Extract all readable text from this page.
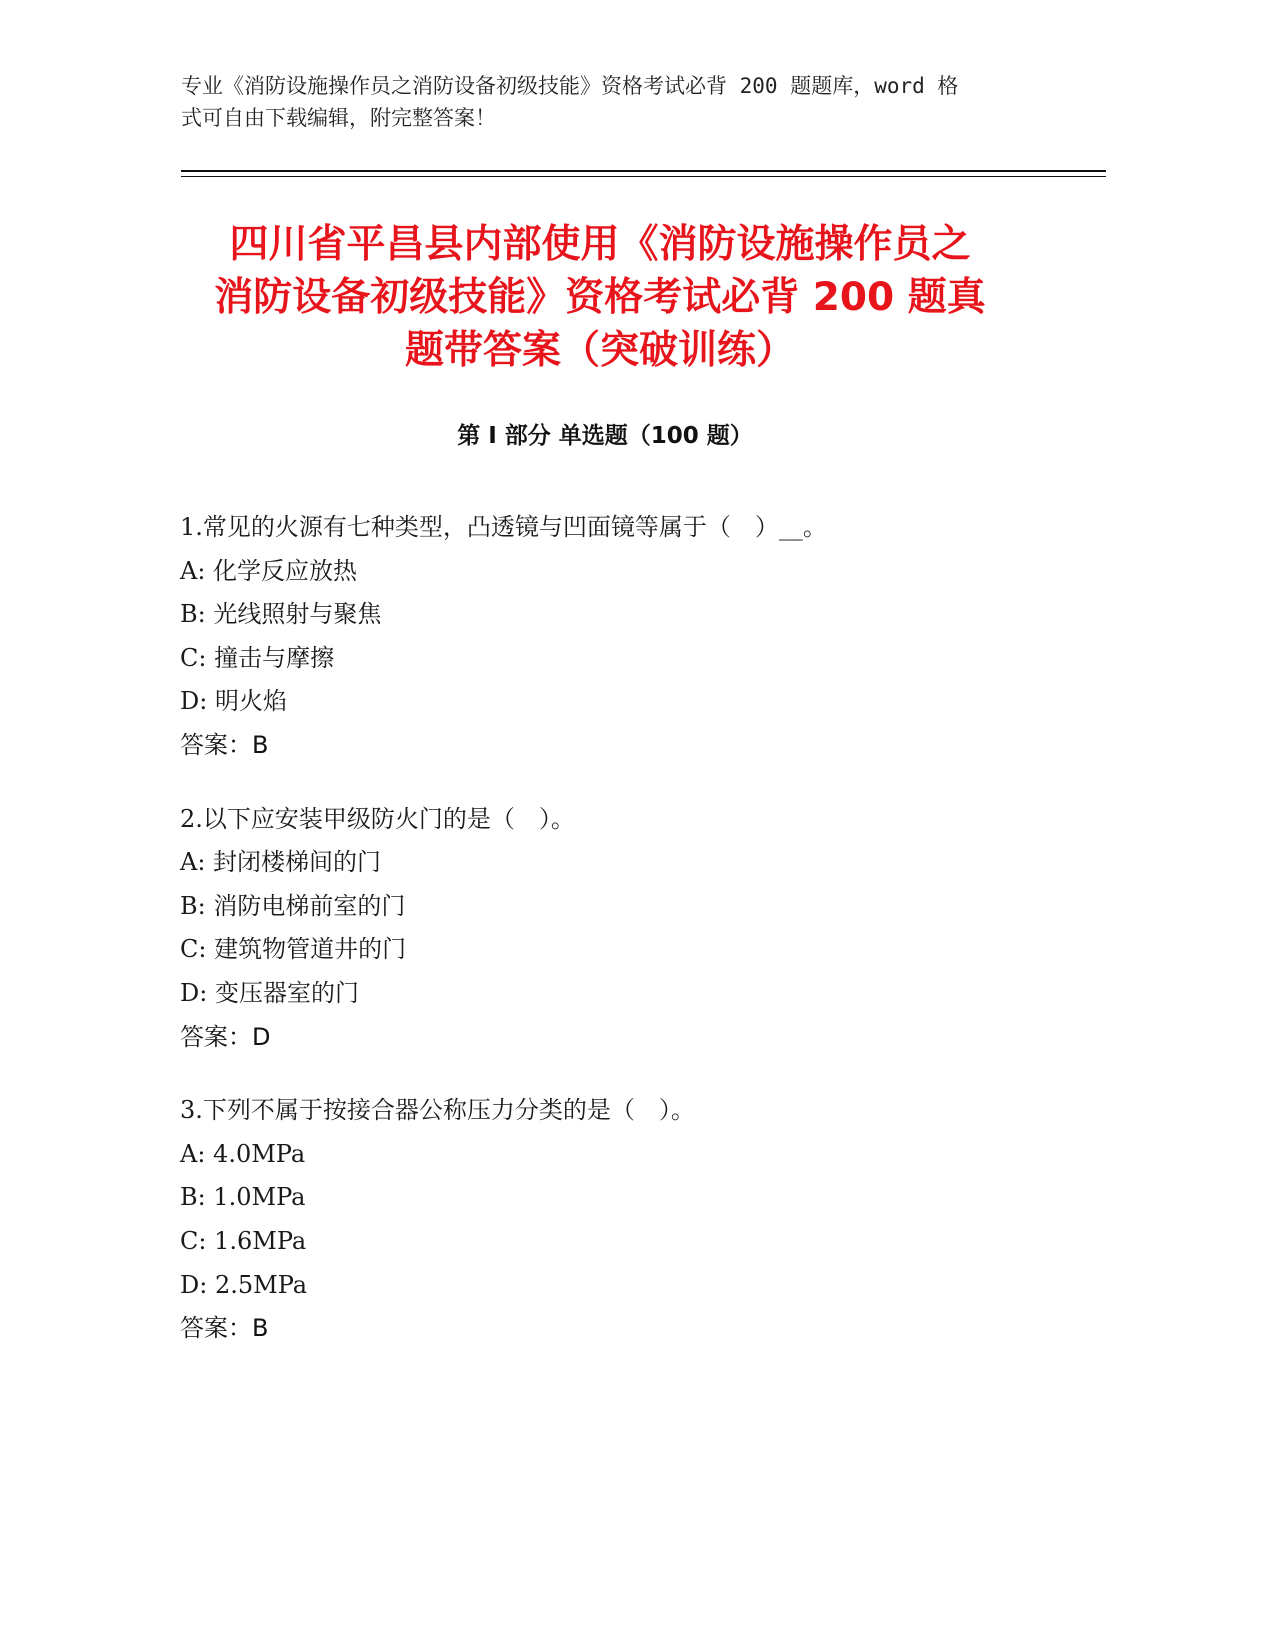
专业《消防设施操作员之消防设备初级技能》资格考试必背 200 题题库，word 格
式可自由下载编辑，附完整答案！
四川省平昌县内部使用《消防设施操作员之
消防设备初级技能》资格考试必背 200 题真
题带答案（突破训练）
第 I 部分 单选题（100 题）
1.常见的火源有七种类型，凸透镜与凹面镜等属于（　）__。
A: 化学反应放热
B: 光线照射与聚焦
C: 撞击与摩擦
D: 明火焰
答案：B
2.以下应安装甲级防火门的是（　）。
A: 封闭楼梯间的门
B: 消防电梯前室的门
C: 建筑物管道井的门
D: 变压器室的门
答案：D
3.下列不属于按接合器公称压力分类的是（　）。
A: 4.0MPa
B: 1.0MPa
C: 1.6MPa
D: 2.5MPa
答案：B
